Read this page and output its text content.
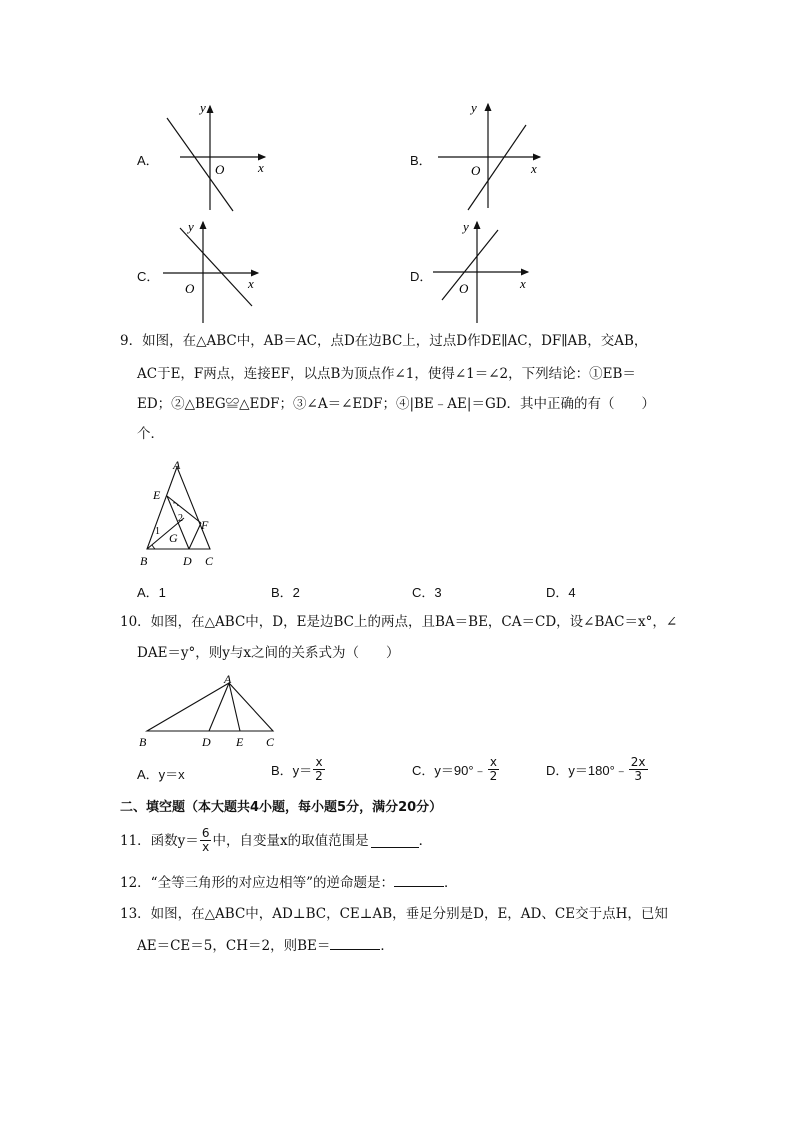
A．
y
x
O
B．
y
x
O
C．
y
x
O
D．
y
x
O
9．如图，在△ABC中，AB＝AC，点D在边BC上，过点D作DE∥AC，DF∥AB，交AB，
AC于E，F两点，连接EF，以点B为顶点作∠1，使得∠1＝∠2，下列结论：①EB＝
ED；②△BEG≌△EDF；③∠A＝∠EDF；④|BE﹣AE|＝GD．其中正确的有（　　）
个．
A
B	C
D
E
F
G
1
2
A．1	B．2	C．3	D．4
10．如图，在△ABC中，D，E是边BC上的两点，且BA＝BE，CA＝CD，设∠BAC＝x°，∠
DAE＝y°，则y与x之间的关系式为（　　）
A
B	D E C
A．y＝x	B．$y= \frac{x}{2}$	C．y＝90°﹣ $\frac{x}{2}$	D．y＝180°﹣ $\frac{2x}{3}$
二、填空题（本大题共4小题，每小题5分，满分20分）
11．函数$y= \frac{6}{x}$ 中，自变量x的取值范围是	．
12．“全等三角形的对应边相等”的逆命题是：	．
13．如图，在△ABC中，AD⊥BC，CE⊥AB，垂足分别是D，E，AD、CE交于点H，已知
AE＝CE＝5，CH＝2，则BE＝	．
